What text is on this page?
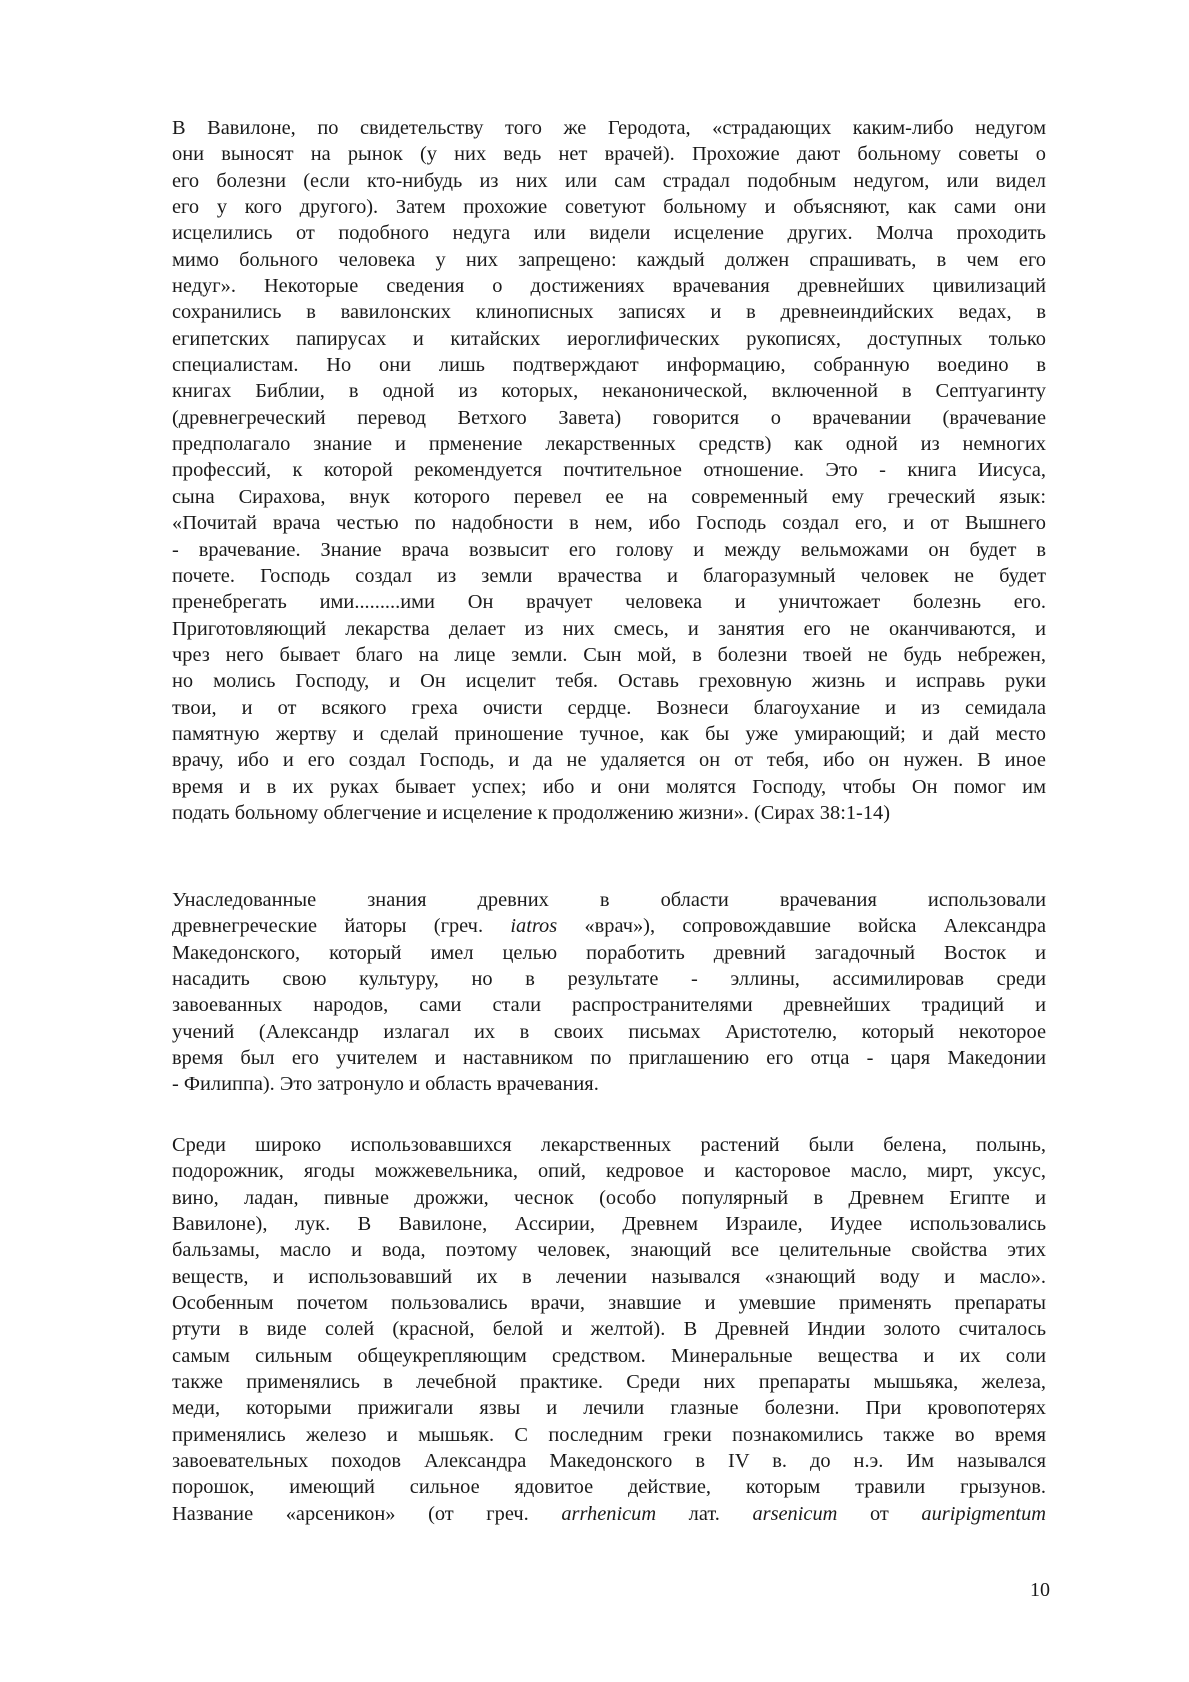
В Вавилоне, по свидетельству того же Геродота, «страдающих каким-либо недугом
они выносят на рынок (у них ведь нет врачей). Прохожие дают больному советы о
его болезни (если кто-нибудь из них или сам страдал подобным недугом, или видел
его у кого другого). Затем прохожие советуют больному и объясняют, как сами они
исцелились от подобного недуга или видели исцеление других. Молча проходить
мимо больного человека у них запрещено: каждый должен спрашивать, в чем его
недуг». Некоторые сведения о достижениях врачевания древнейших цивилизаций
сохранились в вавилонских клинописных записях и в древнеиндийских ведах, в
египетских папирусах и китайских иероглифических рукописях, доступных только
специалистам. Но они лишь подтверждают информацию, собранную воедино в
книгах Библии, в одной из которых, неканонической, включенной в Септуагинту
(древнегреческий перевод Ветхого Завета) говорится о врачевании (врачевание
предполагало знание и прменение лекарственных средств) как одной из немногих
профессий, к которой рекомендуется почтительное отношение. Это - книга Иисуса,
сына Сирахова, внук которого перевел ее на современный ему греческий язык:
«Почитай врача честью по надобности в нем, ибо Господь создал его, и от Вышнего
- врачевание. Знание врача возвысит его голову и между вельможами он будет в
почете. Господь создал из земли врачества и благоразумный человек не будет
пренебрегать ими.........ими Он врачует человека и уничтожает болезнь его.
Приготовляющий лекарства делает из них смесь, и занятия его не оканчиваются, и
чрез него бывает благо на лице земли. Сын мой, в болезни твоей не будь небрежен,
но молись Господу, и Он исцелит тебя. Оставь греховную жизнь и исправь руки
твои, и от всякого греха очисти сердце. Вознеси благоухание и из семидала
памятную жертву и сделай приношение тучное, как бы уже умирающий; и дай место
врачу, ибо и его создал Господь, и да не удаляется он от тебя, ибо он нужен. В иное
время и в их руках бывает успех; ибо и они молятся Господу, чтобы Он помог им
подать больному облегчение и исцеление к продолжению жизни». (Сирах 38:1-14)
Унаследованные знания древних в области врачевания использовали
древнегреческие йаторы (греч. iatros «врач»), сопровождавшие войска Александра
Македонского, который имел целью поработить древний загадочный Восток и
насадить свою культуру, но в результате - эллины, ассимилировав среди
завоеванных народов, сами стали распространителями древнейших традиций и
учений (Александр излагал их в своих письмах Аристотелю, который некоторое
время был его учителем и наставником по приглашению его отца - царя Македонии
- Филиппа). Это затронуло и область врачевания.
Среди широко использовавшихся лекарственных растений были белена, полынь,
подорожник, ягоды можжевельника, опий, кедровое и касторовое масло, мирт, уксус,
вино, ладан, пивные дрожжи, чеснок (особо популярный в Древнем Египте и
Вавилоне), лук. В Вавилоне, Ассирии, Древнем Израиле, Иудее использовались
бальзамы, масло и вода, поэтому человек, знающий все целительные свойства этих
веществ, и использовавший их в лечении назывался «знающий воду и масло».
Особенным почетом пользовались врачи, знавшие и умевшие применять препараты
ртути в виде солей (красной, белой и желтой). В Древней Индии золото считалось
самым сильным общеукрепляющим средством. Минеральные вещества и их соли
также применялись в лечебной практике. Среди них препараты мышьяка, железа,
меди, которыми прижигали язвы и лечили глазные болезни. При кровопотерях
применялись железо и мышьяк. С последним греки познакомились также во время
завоевательных походов Александра Македонского в IV в. до н.э. Им назывался
порошок, имеющий сильное ядовитое действие, которым травили грызунов.
Название «арсеникон» (от греч. arrhenicum лат. arsenicum от auripigmentum
10
